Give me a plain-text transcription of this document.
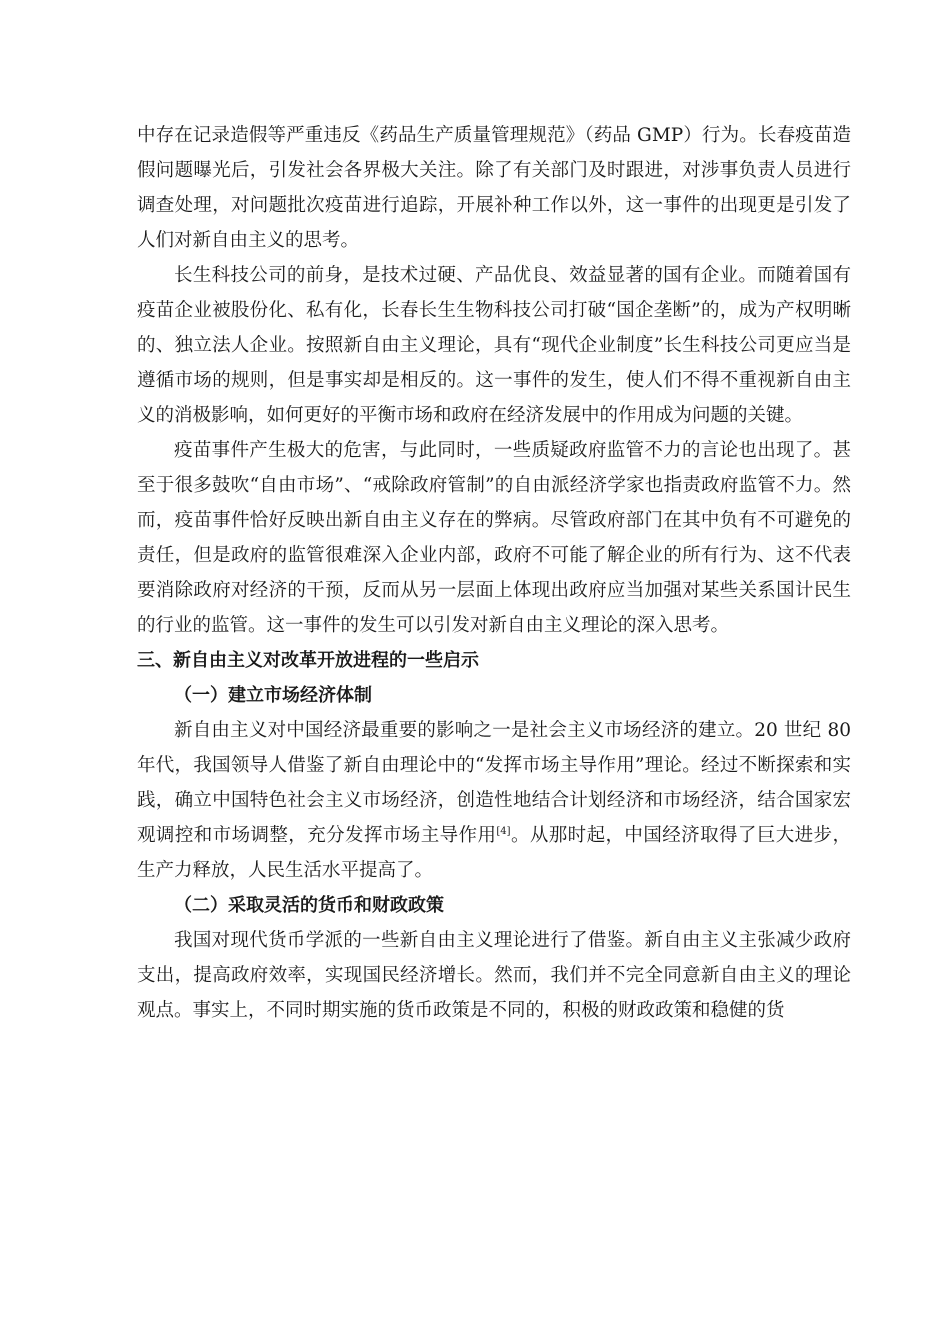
中存在记录造假等严重违反《药品生产质量管理规范》（药品 GMP）行为。长春疫苗造假问题曝光后，引发社会各界极大关注。除了有关部门及时跟进，对涉事负责人员进行调查处理，对问题批次疫苗进行追踪，开展补种工作以外，这一事件的出现更是引发了人们对新自由主义的思考。

长生科技公司的前身，是技术过硬、产品优良、效益显著的国有企业。而随着国有疫苗企业被股份化、私有化，长春长生生物科技公司打破“国企垄断”的，成为产权明晰的、独立法人企业。按照新自由主义理论，具有“现代企业制度”长生科技公司更应当是遵循市场的规则，但是事实却是相反的。这一事件的发生，使人们不得不重视新自由主义的消极影响，如何更好的平衡市场和政府在经济发展中的作用成为问题的关键。

疫苗事件产生极大的危害，与此同时，一些质疑政府监管不力的言论也出现了。甚至于很多鼓吹“自由市场”、“戒除政府管制”的自由派经济学家也指责政府监管不力。然而，疫苗事件恰好反映出新自由主义存在的弊病。尽管政府部门在其中负有不可避免的责任，但是政府的监管很难深入企业内部，政府不可能了解企业的所有行为、这不代表要消除政府对经济的干预，反而从另一层面上体现出政府应当加强对某些关系国计民生的行业的监管。这一事件的发生可以引发对新自由主义理论的深入思考。

三、新自由主义对改革开放进程的一些启示

（一）建立市场经济体制

新自由主义对中国经济最重要的影响之一是社会主义市场经济的建立。20 世纪 80 年代，我国领导人借鉴了新自由理论中的“发挥市场主导作用”理论。经过不断探索和实践，确立中国特色社会主义市场经济，创造性地结合计划经济和市场经济，结合国家宏观调控和市场调整，充分发挥市场主导作用[4]。从那时起，中国经济取得了巨大进步，生产力释放，人民生活水平提高了。

（二）采取灵活的货币和财政政策

我国对现代货币学派的一些新自由主义理论进行了借鉴。新自由主义主张减少政府支出，提高政府效率，实现国民经济增长。然而，我们并不完全同意新自由主义的理论观点。事实上，不同时期实施的货币政策是不同的，积极的财政政策和稳健的货
